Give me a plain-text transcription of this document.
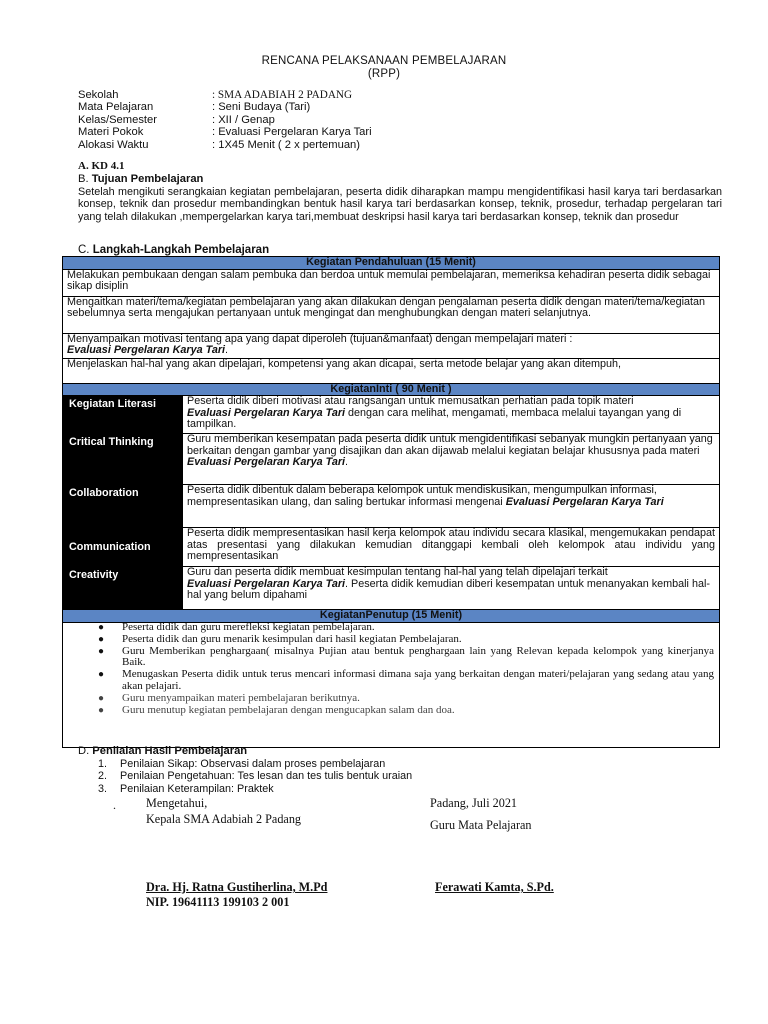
RENCANA PELAKSANAAN PEMBELAJARAN
(RPP)
Sekolah	: SMA ADABIAH 2 PADANG
Mata Pelajaran	: Seni Budaya (Tari)
Kelas/Semester	: XII / Genap
Materi Pokok	: Evaluasi Pergelaran Karya Tari
Alokasi Waktu	: 1X45 Menit ( 2 x pertemuan)
A. KD 4.1
B. Tujuan Pembelajaran
Setelah mengikuti serangkaian kegiatan pembelajaran, peserta didik diharapkan mampu mengidentifikasi hasil karya tari berdasarkan konsep, teknik dan prosedur membandingkan bentuk hasil karya tari berdasarkan konsep, teknik, prosedur, terhadap pergelaran tari yang telah dilakukan ,mempergelarkan karya tari,membuat deskripsi hasil karya tari berdasarkan konsep, teknik dan prosedur
C. Langkah-Langkah Pembelajaran
Kegiatan Pendahuluan (15 Menit)	
Melakukan pembukaan dengan salam pembuka dan berdoa untuk memulai pembelajaran, memeriksa kehadiran peserta didik sebagai sikap disiplin	
Mengaitkan materi/tema/kegiatan pembelajaran yang akan dilakukan dengan pengalaman peserta didik dengan materi/tema/kegiatan sebelumnya serta mengajukan pertanyaan untuk mengingat dan menghubungkan dengan materi selanjutnya.	
Menyampaikan motivasi tentang apa yang dapat diperoleh (tujuan&manfaat) dengan mempelajari materi :
Evaluasi Pergelaran Karya Tari.	
Menjelaskan hal-hal yang akan dipelajari, kompetensi yang akan dicapai, serta metode belajar yang akan ditempuh,	
KegiatanInti ( 90 Menit )	
Kegiatan Literasi	Peserta didik diberi motivasi atau rangsangan untuk memusatkan perhatian pada topik materi
Evaluasi Pergelaran Karya Tari dengan cara melihat, mengamati, membaca melalui tayangan yang di tampilkan.
Critical Thinking	Guru memberikan kesempatan pada peserta didik untuk mengidentifikasi sebanyak mungkin pertanyaan yang berkaitan dengan gambar yang disajikan dan akan dijawab melalui kegiatan belajar khususnya pada materi Evaluasi Pergelaran Karya Tari.
Collaboration	Peserta didik dibentuk dalam beberapa kelompok untuk mendiskusikan, mengumpulkan informasi, mempresentasikan ulang, dan saling bertukar informasi mengenai Evaluasi Pergelaran Karya Tari
Communication	Peserta didik mempresentasikan hasil kerja kelompok atau individu secara klasikal, mengemukakan pendapat atas presentasi yang dilakukan kemudian ditanggapi kembali oleh kelompok atau individu yang mempresentasikan
Creativity	Guru dan peserta didik membuat kesimpulan tentang hal-hal yang telah dipelajari terkait
Evaluasi Pergelaran Karya Tari. Peserta didik kemudian diberi kesempatan untuk menanyakan kembali hal-hal yang belum dipahami
KegiatanPenutup (15 Menit)	

●	Peserta didik dan guru merefleksi kegiatan pembelajaran.
●	Peserta didik dan guru menarik kesimpulan dari hasil kegiatan Pembelajaran.
●	Guru Memberikan penghargaan( misalnya Pujian atau bentuk penghargaan lain yang Relevan kepada kelompok yang kinerjanya Baik.
●	Menugaskan Peserta didik untuk terus mencari informasi dimana saja yang berkaitan dengan materi/pelajaran yang sedang atau yang akan pelajari.
●	Guru menyampaikan materi pembelajaran berikutnya.
●	Guru menutup kegiatan pembelajaran dengan mengucapkan salam dan doa.
D. Penilaian Hasil Pembelajaran
1.	Penilaian Sikap: Observasi dalam proses pembelajaran
2.	Penilaian Pengetahuan: Tes lesan dan tes tulis bentuk uraian
3.	Penilaian Keterampilan: Praktek
. Mengetahui,
Kepala SMA Adabiah 2 Padang
Padang, Juli 2021
Guru Mata Pelajaran
Dra. Hj. Ratna Gustiherlina, M.Pd
NIP. 19641113 199103 2 001
Ferawati Kamta, S.Pd.
